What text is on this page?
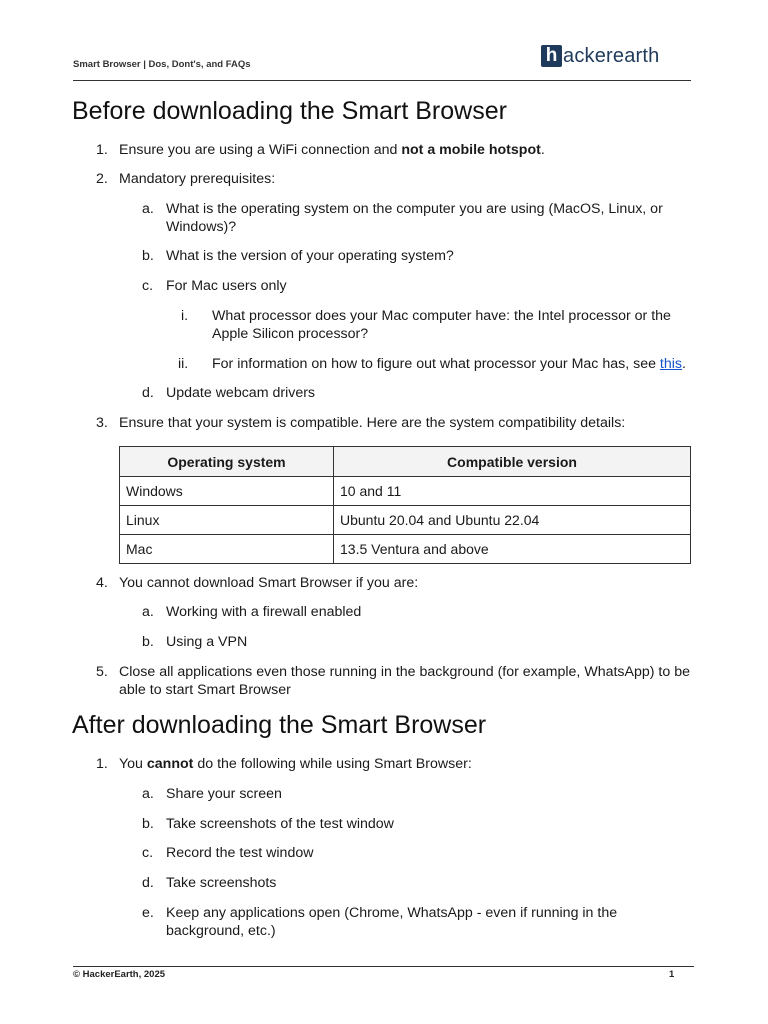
Smart Browser | Dos, Dont's, and FAQs	h ackerearth
Before downloading the Smart Browser
1. Ensure you are using a WiFi connection and not a mobile hotspot.
2. Mandatory prerequisites:
a. What is the operating system on the computer you are using (MacOS, Linux, or
Windows)?
b. What is the version of your operating system?
c. For Mac users only
i. What processor does your Mac computer have: the Intel processor or the
Apple Silicon processor?
ii. For information on how to figure out what processor your Mac has, see this.
d. Update webcam drivers
3. Ensure that your system is compatible. Here are the system compatibility details:
Operating system	Compatible version
Windows	10 and 11
Linux	Ubuntu 20.04 and Ubuntu 22.04
Mac	13.5 Ventura and above
4. You cannot download Smart Browser if you are:
a. Working with a firewall enabled
b. Using a VPN
5. Close all applications even those running in the background (for example, WhatsApp) to be
able to start Smart Browser
After downloading the Smart Browser
1. You cannot do the following while using Smart Browser:
a. Share your screen
b. Take screenshots of the test window
c. Record the test window
d. Take screenshots
e. Keep any applications open (Chrome, WhatsApp - even if running in the
background, etc.)
© HackerEarth, 2025	1
